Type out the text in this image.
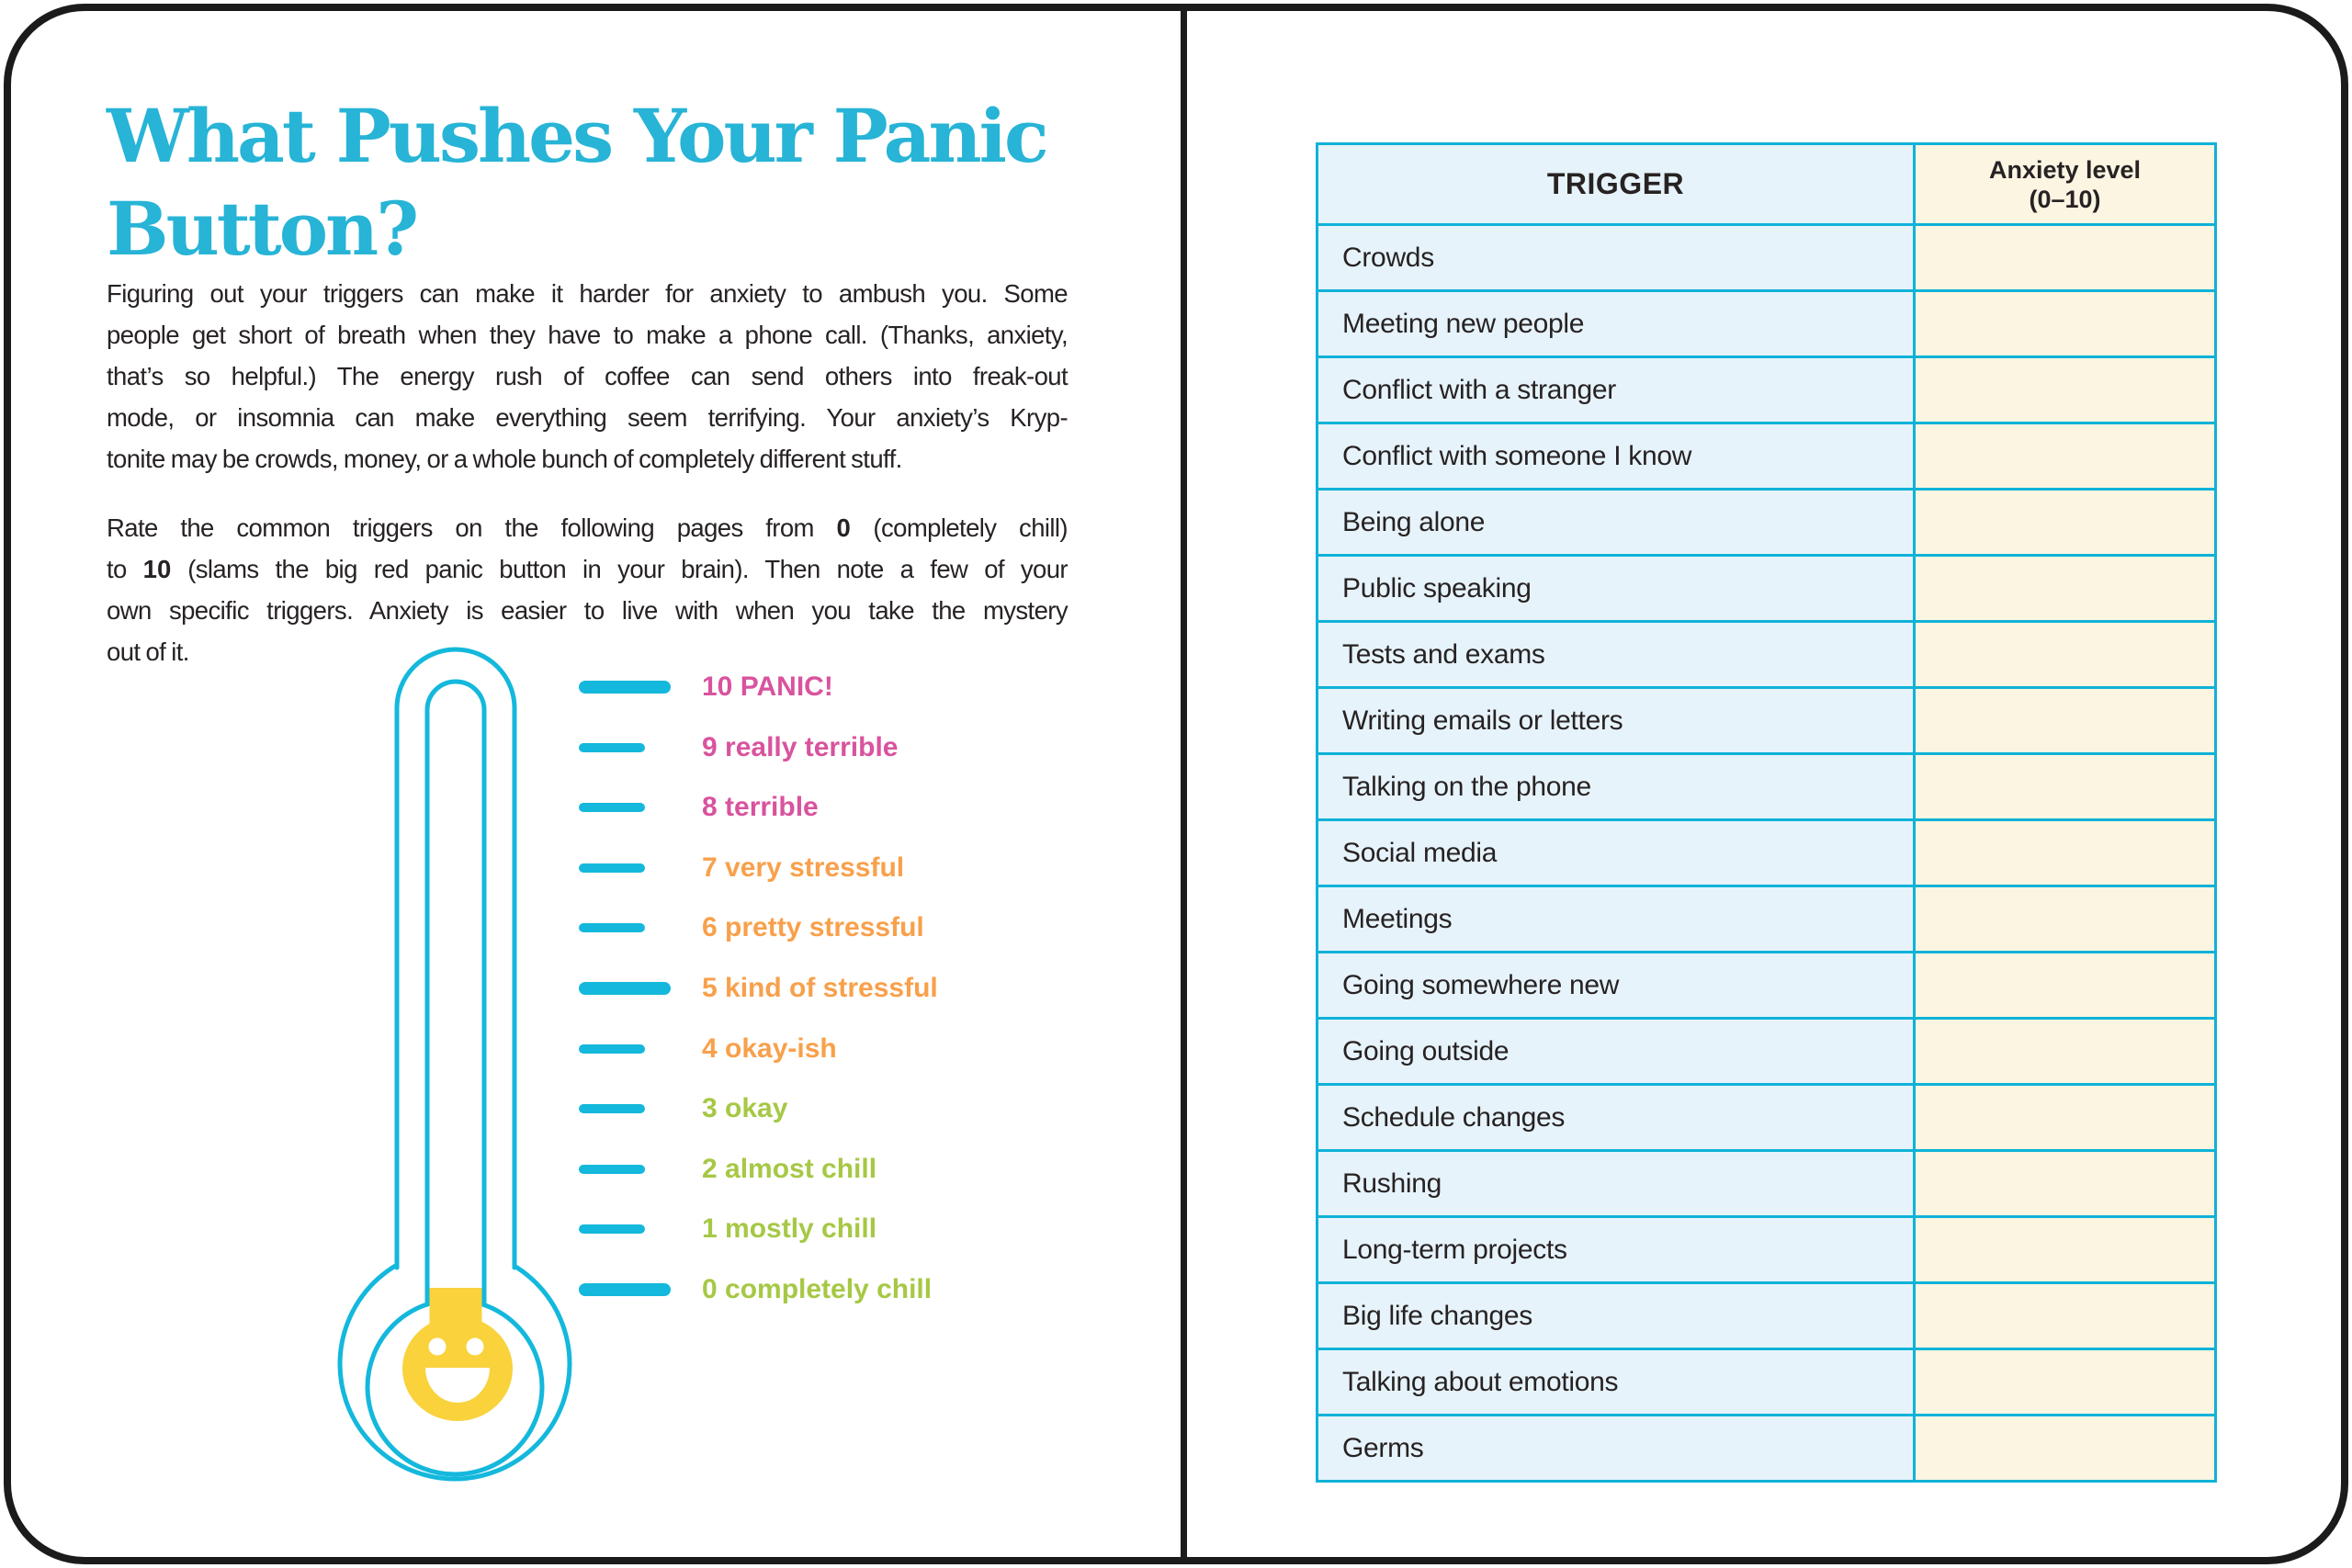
What Pushes Your Panic
Button?
Figuring out your triggers can make it harder for anxiety to ambush you. Some
people get short of breath when they have to make a phone call. (Thanks, anxiety,
that’s so helpful.) The energy rush of coffee can send others into freak-out
mode, or insomnia can make everything seem terrifying. Your anxiety’s Kryp-
tonite may be crowds, money, or a whole bunch of completely different stuff.
Rate the common triggers on the following pages from 0 (completely chill)
to 10 (slams the big red panic button in your brain). Then note a few of your
own specific triggers. Anxiety is easier to live with when you take the mystery
out of it.
10 PANIC!
9 really terrible
8 terrible
7 very stressful
6 pretty stressful
5 kind of stressful
4 okay-ish
3 okay
2 almost chill
1 mostly chill
0 completely chill
TRIGGER	Anxiety level
(0–10)

Crowds	
Meeting new people	
Conflict with a stranger	
Conflict with someone I know	
Being alone	
Public speaking	
Tests and exams	
Writing emails or letters	
Talking on the phone	
Social media	
Meetings	
Going somewhere new	
Going outside	
Schedule changes	
Rushing	
Long-term projects	
Big life changes	
Talking about emotions	
Germs	
